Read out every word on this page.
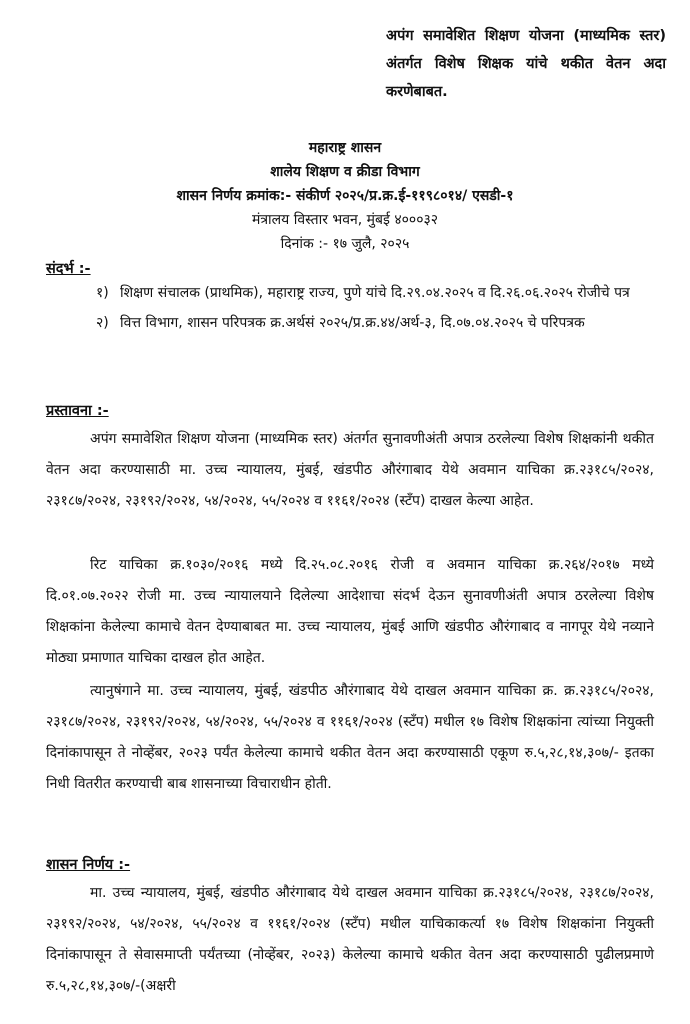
अपंग समावेशित शिक्षण योजना (माध्यमिक स्तर) अंतर्गत विशेष शिक्षक यांचे थकीत वेतन अदा करणेबाबत.
महाराष्ट्र शासन
शालेय शिक्षण व क्रीडा विभाग
शासन निर्णय क्रमांक:- संकीर्ण २०२५/प्र.क्र.ई-११९८०१४/ एसडी-१
मंत्रालय विस्तार भवन, मुंबई ४०००३२
दिनांक :- १७ जुलै, २०२५
संदर्भ :-
१) शिक्षण संचालक (प्राथमिक), महाराष्ट्र राज्य, पुणे यांचे दि.२९.०४.२०२५ व दि.२६.०६.२०२५ रोजीचे पत्र
२) वित्त विभाग, शासन परिपत्रक क्र.अर्थसं २०२५/प्र.क्र.४४/अर्थ-३, दि.०७.०४.२०२५ चे परिपत्रक
प्रस्तावना :-

अपंग समावेशित शिक्षण योजना (माध्यमिक स्तर) अंतर्गत सुनावणीअंती अपात्र ठरलेल्या विशेष शिक्षकांनी थकीत वेतन अदा करण्यासाठी मा. उच्च न्यायालय, मुंबई, खंडपीठ औरंगाबाद येथे अवमान याचिका क्र.२३१८५/२०२४, २३१८७/२०२४, २३१९२/२०२४, ५४/२०२४, ५५/२०२४ व ११६१/२०२४ (स्टँप) दाखल केल्या आहेत.

रिट याचिका क्र.१०३०/२०१६ मध्ये दि.२५.०८.२०१६ रोजी व अवमान याचिका क्र.२६४/२०१७ मध्ये दि.०१.०७.२०२२ रोजी मा. उच्च न्यायालयाने दिलेल्या आदेशाचा संदर्भ देऊन सुनावणीअंती अपात्र ठरलेल्या विशेष शिक्षकांना केलेल्या कामाचे वेतन देण्याबाबत मा. उच्च न्यायालय, मुंबई आणि खंडपीठ औरंगाबाद व नागपूर येथे नव्याने मोठ्या प्रमाणात याचिका दाखल होत आहेत.

त्यानुषंगाने मा. उच्च न्यायालय, मुंबई, खंडपीठ औरंगाबाद येथे दाखल अवमान याचिका क्र. क्र.२३१८५/२०२४, २३१८७/२०२४, २३१९२/२०२४, ५४/२०२४, ५५/२०२४ व ११६१/२०२४ (स्टँप) मधील १७ विशेष शिक्षकांना त्यांच्या नियुक्ती दिनांकापासून ते नोव्हेंबर, २०२३ पर्यंत केलेल्या कामाचे थकीत वेतन अदा करण्यासाठी एकूण रु.५,२८,१४,३०७/- इतका निधी वितरीत करण्याची बाब शासनाच्या विचाराधीन होती.

शासन निर्णय :-

मा. उच्च न्यायालय, मुंबई, खंडपीठ औरंगाबाद येथे दाखल अवमान याचिका क्र.२३१८५/२०२४, २३१८७/२०२४, २३१९२/२०२४, ५४/२०२४, ५५/२०२४ व ११६१/२०२४ (स्टँप) मधील याचिकाकर्त्या १७ विशेष शिक्षकांना नियुक्ती दिनांकापासून ते सेवासमाप्ती पर्यंतच्या (नोव्हेंबर, २०२३) केलेल्या कामाचे थकीत वेतन अदा करण्यासाठी पुढीलप्रमाणे रु.५,२८,१४,३०७/-(अक्षरी
